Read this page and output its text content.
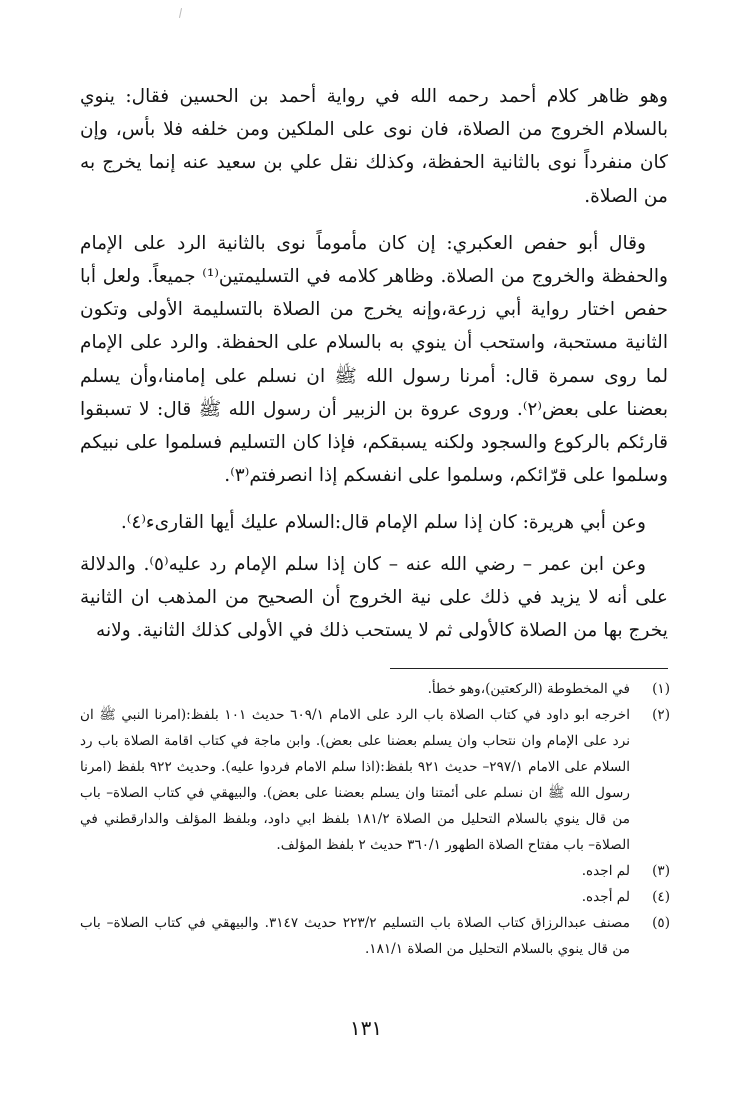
وهو ظاهر كلام أحمد رحمه الله في رواية أحمد بن الحسين فقال: ينوي بالسلام الخروج من الصلاة، فان نوى على الملكين ومن خلفه فلا بأس، وإن كان منفرداً نوى بالثانية الحفظة، وكذلك نقل علي بن سعيد عنه إنما يخرج به من الصلاة.

وقال أبو حفص العكبري: إن كان مأموماً نوى بالثانية الرد على الإمام والحفظة والخروج من الصلاة. وظاهر كلامه في التسليمتين⁽¹⁾ جميعاً. ولعل أبا حفص اختار رواية أبي زرعة،وإنه يخرج من الصلاة بالتسليمة الأولى وتكون الثانية مستحبة، واستحب أن ينوي به بالسلام على الحفظة. والرد على الإمام لما روى سمرة قال: أمرنا رسول الله ﷺ ان نسلم على إمامنا،وأن يسلم بعضنا على بعض⁽٢⁾. وروى عروة بن الزبير أن رسول الله ﷺ قال: لا تسبقوا قارئكم بالركوع والسجود ولكنه يسبقكم، فإذا كان التسليم فسلموا على نبيكم وسلموا على قرّائكم، وسلموا على انفسكم إذا انصرفتم⁽٣⁾.

وعن أبي هريرة: كان إذا سلم الإمام قال:السلام عليك أيها القارىء⁽٤⁾.

وعن ابن عمر – رضي الله عنه – كان إذا سلم الإمام رد عليه⁽٥⁾. والدلالة على أنه لا يزيد في ذلك على نية الخروج أن الصحيح من المذهب ان الثانية يخرج بها من الصلاة كالأولى ثم لا يستحب ذلك في الأولى كذلك الثانية. ولانه

(١)
في المخطوطة (الركعتين)،وهو خطأ.
(٢)
اخرجه ابو داود في كتاب الصلاة باب الرد على الامام ٦٠٩/١ حديث ١٠١ بلفظ:(امرنا النبي ﷺ ان نرد على الإمام وان نتحاب وان يسلم بعضنا على بعض). وابن ماجة في كتاب اقامة الصلاة باب رد السلام على الامام ٢٩٧/١– حديث ٩٢١ بلفظ:(اذا سلم الامام فردوا عليه). وحديث ٩٢٢ بلفظ (امرنا رسول الله ﷺ ان نسلم على أئمتنا وان يسلم بعضنا على بعض). والبيهقي في كتاب الصلاة– باب من قال ينوي بالسلام التحليل من الصلاة ١٨١/٢ بلفظ ابي داود، وبلفظ المؤلف والدارقطني في الصلاة– باب مفتاح الصلاة الطهور ٣٦٠/١ حديث ٢ بلفظ المؤلف.
(٣)
لم اجده.
(٤)
لم أجده.
(٥)
مصنف عبدالرزاق كتاب الصلاة باب التسليم ٢٢٣/٢ حديث ٣١٤٧. والبيهقي في كتاب الصلاة– باب من قال ينوي بالسلام التحليل من الصلاة ١٨١/١.
١٣١
